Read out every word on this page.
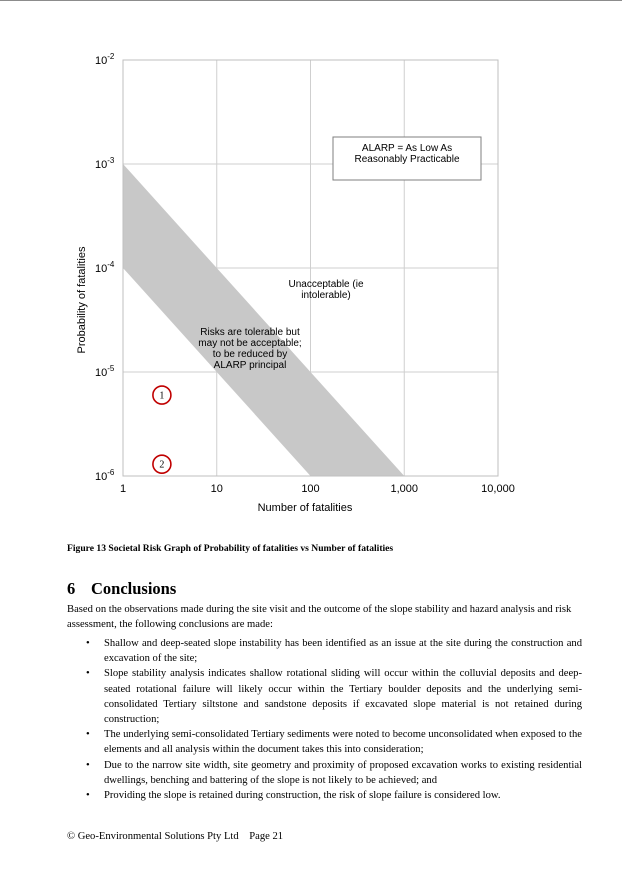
1	10	100	1,000	10,000
$10^{-2}$
$10^{-3}$
$10^{-4}$
$10^{-5}$
$10^{-6}$
Number of fatalities
Probability of fatalities
ALARP = As Low As
Reasonably Practicable
Unacceptable (ie
intolerable)
Risks are tolerable but
may not be acceptable;
to be reduced by
ALARP principal
1
2
Figure 13 Societal Risk Graph of Probability of fatalities vs Number of fatalities
6 Conclusions
Based on the observations made during the site visit and the outcome of the slope stability and hazard analysis and risk assessment, the following conclusions are made:
• Shallow and deep-seated slope instability has been identified as an issue at the site during the construction and excavation of the site;
• Slope stability analysis indicates shallow rotational sliding will occur within the colluvial deposits and deep-seated rotational failure will likely occur within the Tertiary boulder deposits and the underlying semi-consolidated Tertiary siltstone and sandstone deposits if excavated slope material is not retained during construction;
• The underlying semi-consolidated Tertiary sediments were noted to become unconsolidated when exposed to the elements and all analysis within the document takes this into consideration;
• Due to the narrow site width, site geometry and proximity of proposed excavation works to existing residential dwellings, benching and battering of the slope is not likely to be achieved; and
• Providing the slope is retained during construction, the risk of slope failure is considered low.
© Geo-Environmental Solutions Pty Ltd Page 21
